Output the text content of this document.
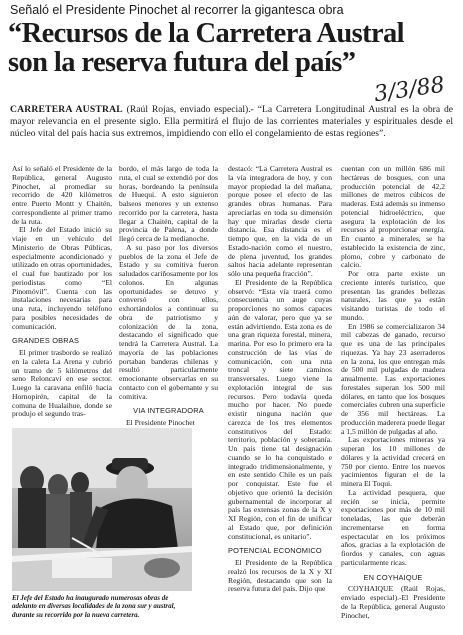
Señaló el Presidente Pinochet al recorrer la gigantesca obra
“Recursos de la Carretera Austral
son la reserva futura del país”
3/3/88
CARRETERA AUSTRAL (Raúl Rojas, enviado especial).- “La Carretera Longitudinal Austral es la obra de mayor relevancia en el presente siglo. Ella permitirá el flujo de las corrientes materiales y espirituales desde el núcleo vital del país hacia sus extremos, impidiendo con ello el congelamiento de estas regiones”.

Así lo señaló el Presidente de la República, general Augusto Pinochet, al promediar su recorrido de 420 kilómetros entre Puerto Montt y Chaitén, correspondiente al primer tramo de la ruta.

El Jefe del Estado inició su viaje en un vehículo del Ministerio de Obras Públicas, especialmente acondicionado y utilizado en otras oportunidades, el cual fue bautizado por los periodistas como “El Pinomóvil”. Cuenta con las instalaciones necesarias para una ruta, incluyendo teléfono para posibles necesidades de comunicación.

GRANDES OBRAS

El primer trasbordo se realizó en la caleta La Arena y cubrió un tramo de 5 kilómetros del seno Reloncaví en ese sector. Luego la caravana enfiló hacia Hornopirén, capital de la comuna de Hualaihue, donde se produjo el segundo tras-

bordo, el más largo de toda la ruta, el cual se extendió por dos horas, bordeando la península de Huequi. A esto siguieron balseos menores y un extenso recorrido por la carretera, hasta llegar a Chaitén, capital de la provincia de Palena, a donde llegó cerca de la medianoche.

A su paso por los diversos pueblos de la zona el Jefe de Estado y su comitiva fueron saludados cariñosamente por los colonos. En algunas oportunidades se detuvo y conversó con ellos, exhortándolos a continuar su obra de patriotismo y colonización de la zona, destacando el significado que tendrá la Carretera Austral. La mayoría de las poblaciones portaban banderas chilenas y resultó particularmente emocionante observarlas en su contacto con el gobernante y su comitiva.

VIA INTEGRADORA

El Presidente Pinochet

destacó: “La Carretera Austral es la vía integradora de hoy, y con mayor propiedad la del mañana, porque posee el efecto de las grandes obras humanas. Para apreciarlas en toda su dimensión hay que mirarlas desde cierta distancia. Esa distancia es el tiempo que, en la vida de un Estado-nación como el nuestro, de plena juventud, los grandes saltos hacia adelante representan sólo una pequeña fracción”.

El Presidente de la República observó: “Esta vía traerá como consecuencia un auge cuyas proporciones no somos capaces aún de valorar, pero que ya se están advirtiendo. Esta zona es de una gran riqueza forestal, minera, marina. Por eso lo primero era la construcción de las vías de comunicación, con una ruta troncal y siete caminos transversales. Luego viene la explotación integral de sus recursos. Pero todavía queda mucho por hacer. No puede existir ninguna nación que carezca de los tres elementos constitutivos del Estado: territorio, población y soberanía. Un país tiene tal designación cuando se lo ha conquistado e integrado tridimensionalmente, y en este sentido Chile es un país por conquistar. Este fue el objetivo que orientó la decisión gubernamental de incorporar al país las extensas zonas de la X y XI Región, con el fin de unificar al Estado que, por definición constitucional, es unitario”.

POTENCIAL ECONOMICO

El Presidente de la República realzó los recursos de la X y XI Región, destacando que son la reserva futura del país. Dijo que

cuentan con un millón 686 mil hectáreas de bosques, con una producción potencial de 42,2 millones de metros cúbicos de maderas. Está además su inmenso potencial hidroeléctrico, que asegura la explotación de los recursos al proporcionar energía. En cuanto a minerales, se ha establecido la existencia de zinc, plomo, cobre y carbonato de calcio.

Por otra parte existe un creciente interés turístico, que presentan las grandes bellezas naturales, las que ya están visitando turistas de todo el mundo.

En 1986 se comercializaron 34 mil cabezas de ganado, recurso que es una de las principales riquezas. Ya hay 23 aserraderos en la zona, los que entregan más de 500 mil pulgadas de madera anualmente. Las exportaciones forestales superan los 500 mil dólares, en tanto que los bosques comerciales cubren una superficie de 356 mil hectáreas. La producción maderera puede llegar a 1,5 millón de pulgadas al año.

Las exportaciones mineras ya superan los 10 millones de dólares y la actividad crecerá en 750 por ciento. Entre los nuevos yacimientos figuran el de la minera El Toqui.

La actividad pesquera, que recién se inicia, permite exportaciones por más de 10 mil toneladas, las que deberán incrementarse en forma espectacular en los próximos años, gracias a la explotación de fiordos y canales, con aguas particularmente ricas.

EN COYHAIQUE

COYHAIQUE (Raúl Rojas, enviado especial).-El Presidente de la República, general Augusto Pinochet,

El Jefe del Estado ha inaugurado numerosas obras de adelanto en diversas localidades de la zona sur y austral, durante su recorrido por la nueva carretera.
